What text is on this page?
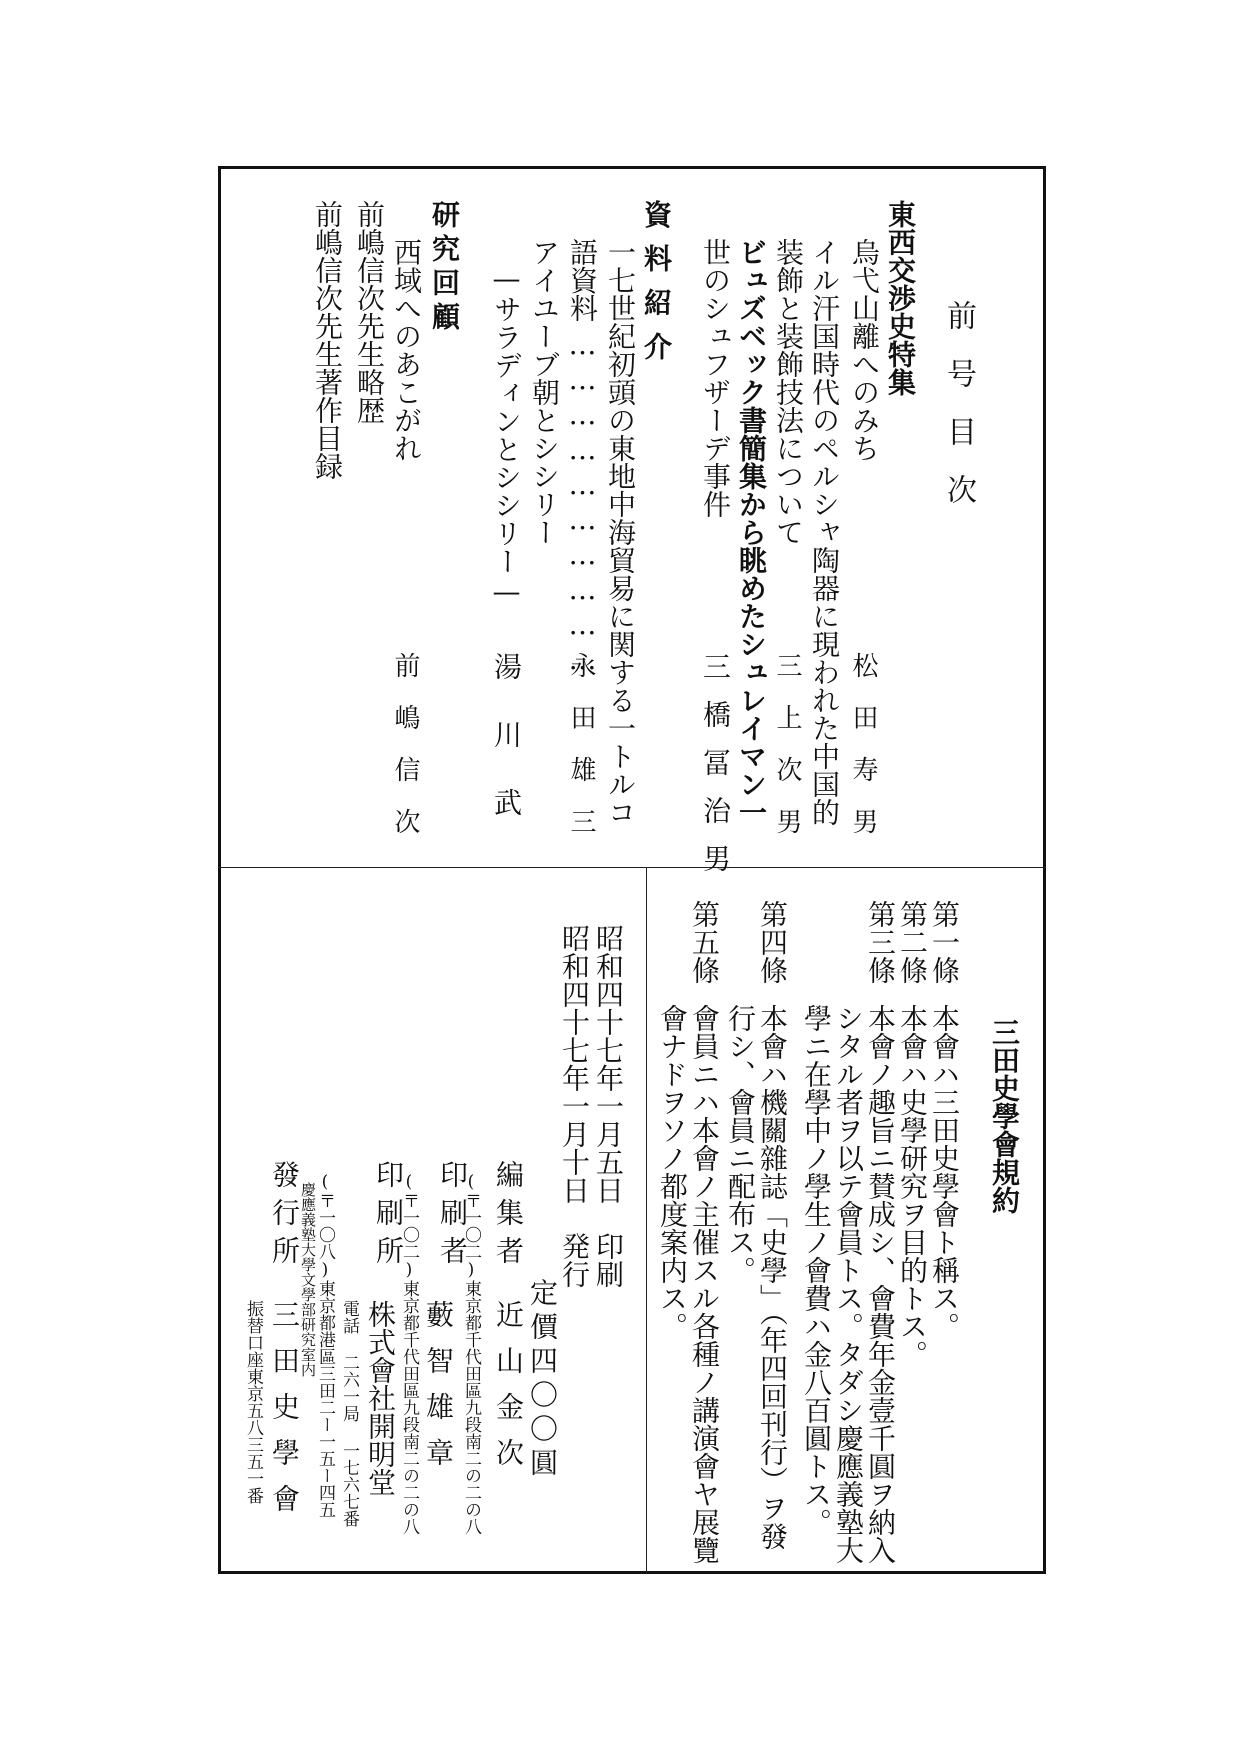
前号目次
東西交渉史特集
烏弋山離へのみち
松田寿男
イル汗国時代のペルシャ陶器に現われた中国的
装飾と装飾技法について
三上次男
ビュズベック書簡集から眺めたシュレイマン一
世のシュフザーデ事件
三橋冨治男
資料紹介
一七世紀初頭の東地中海貿易に関する一トルコ
語資料
…………………………
永田雄三
アイユーブ朝とシシリー
—サラディンとシシリー—
湯川武
研究回顧
西域へのあこがれ
前嶋信次
前嶋信次先生略歴
前嶋信次先生著作目録
三田史學會規約
第一條
本會ハ三田史學會ト稱ス。
第二條
本會ハ史學研究ヲ目的トス。
第三條
本會ノ趣旨ニ賛成シ、會費年金壹千圓ヲ納入
シタル者ヲ以テ會員トス。タダシ慶應義塾大
學ニ在學中ノ學生ノ會費ハ金八百圓トス。
第四條
本會ハ機關雜誌「史學」（年四回刊行）ヲ發
行シ、會員ニ配布ス。
第五條
會員ニハ本會ノ主催スル各種ノ講演會ヤ展覽
會ナドヲソノ都度案内ス。
昭和四十七年一月五日　印刷
昭和四十七年一月十日　発行
定價四〇〇圓
編集者
近山金次
印刷者
(〒一〇二)東京都千代田區九段南二の二の八
藪智雄章
印刷所
(〒一〇二)東京都千代田區九段南二の二の八
株式會社開明堂
電話 二六一局 一七六七番
發行所 (〒一〇八)東京都港區三田二ー一五ー四五
慶應義塾大學文學部研究室内
三田史學會
振替口座東京五八三五一番
